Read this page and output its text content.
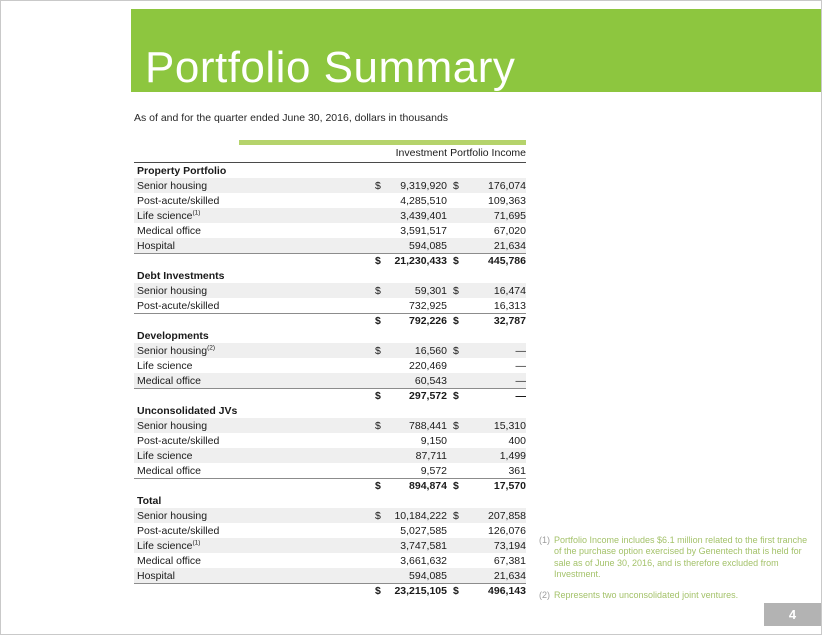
Portfolio Summary
As of and for the quarter ended June 30, 2016, dollars in thousands
Investment Portfolio Income
Property Portfolio
Senior housing	$	9,319,920 $	176,074
Post-acute/skilled	4,285,510	109,363
Life science$^{(1)}$	3,439,401	71,695
Medical office	3,591,517	67,020
Hospital	594,085	21,634
$	21,230,433 $	445,786
Debt Investments
Senior housing	$	59,301 $	16,474
Post-acute/skilled	732,925	16,313
$	792,226 $	32,787
Developments
Senior housing$^{(2)}$	$	16,560 $	—
Life science	220,469	—
Medical office	60,543	—
$	297,572 $	—
Unconsolidated JVs
Senior housing	$	788,441 $	15,310
Post-acute/skilled	9,150	400
Life science	87,711	1,499
Medical office	9,572	361
$	894,874 $	17,570
Total
Senior housing	$	10,184,222 $	207,858
Post-acute/skilled	5,027,585	126,076
Life science$^{(1)}$	3,747,581	73,194
Medical office	3,661,632	67,381
Hospital	594,085	21,634
$	23,215,105 $	496,143
(1) Portfolio Income includes $6.1 million related to the first tranche of the purchase option exercised by Genentech that is held for sale as of June 30, 2016, and is therefore excluded from Investment.
(2) Represents two unconsolidated joint ventures.
4
